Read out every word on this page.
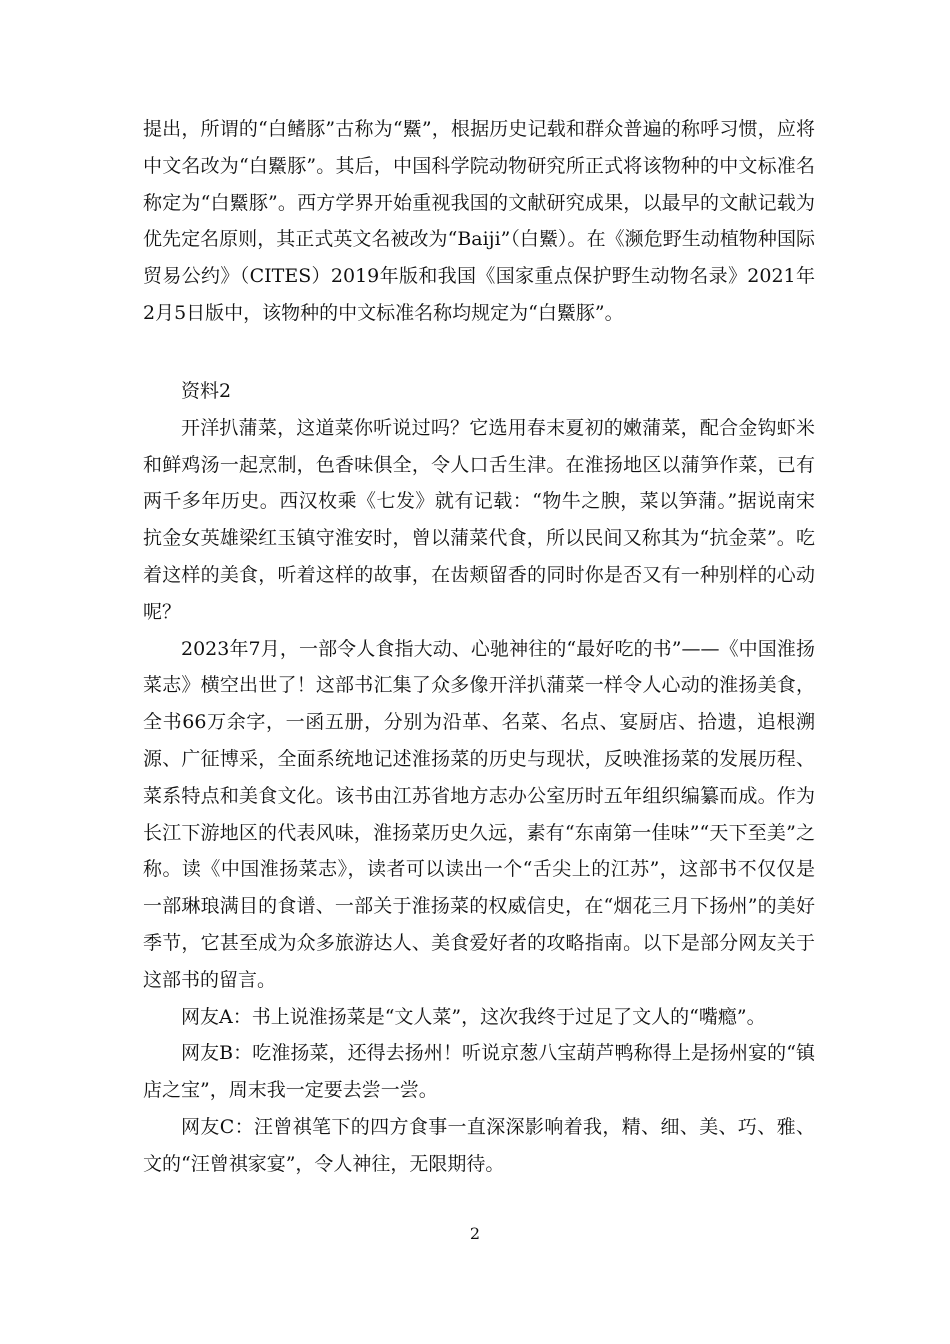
提出，所谓的“白鳍豚”古称为“鱀”，根据历史记载和群众普遍的称呼习惯，应将中文名改为“白鱀豚”。其后，中国科学院动物研究所正式将该物种的中文标准名称定为“白鱀豚”。西方学界开始重视我国的文献研究成果，以最早的文献记载为优先定名原则，其正式英文名被改为“Baiji”（白鱀）。在《濒危野生动植物种国际贸易公约》（CITES）2019年版和我国《国家重点保护野生动物名录》2021年2月5日版中，该物种的中文标准名称均规定为“白鱀豚”。

资料2

开洋扒蒲菜，这道菜你听说过吗？它选用春末夏初的嫩蒲菜，配合金钩虾米和鲜鸡汤一起烹制，色香味俱全，令人口舌生津。在淮扬地区以蒲笋作菜，已有两千多年历史。西汉枚乘《七发》就有记载：“物牛之腴，菜以笋蒲。”据说南宋抗金女英雄梁红玉镇守淮安时，曾以蒲菜代食，所以民间又称其为“抗金菜”。吃着这样的美食，听着这样的故事，在齿颊留香的同时你是否又有一种别样的心动呢？

2023年7月，一部令人食指大动、心驰神往的“最好吃的书”——《中国淮扬菜志》横空出世了！这部书汇集了众多像开洋扒蒲菜一样令人心动的淮扬美食，全书66万余字，一函五册，分别为沿革、名菜、名点、宴厨店、拾遗，追根溯源、广征博采，全面系统地记述淮扬菜的历史与现状，反映淮扬菜的发展历程、菜系特点和美食文化。该书由江苏省地方志办公室历时五年组织编纂而成。作为长江下游地区的代表风味，淮扬菜历史久远，素有“东南第一佳味”“天下至美”之称。读《中国淮扬菜志》，读者可以读出一个“舌尖上的江苏”，这部书不仅仅是一部琳琅满目的食谱、一部关于淮扬菜的权威信史，在“烟花三月下扬州”的美好季节，它甚至成为众多旅游达人、美食爱好者的攻略指南。以下是部分网友关于这部书的留言。

网友A：书上说淮扬菜是“文人菜”，这次我终于过足了文人的“嘴瘾”。

网友B：吃淮扬菜，还得去扬州！听说京葱八宝葫芦鸭称得上是扬州宴的“镇店之宝”，周末我一定要去尝一尝。

网友C：汪曾祺笔下的四方食事一直深深影响着我，精、细、美、巧、雅、文的“汪曾祺家宴”，令人神往，无限期待。

2
